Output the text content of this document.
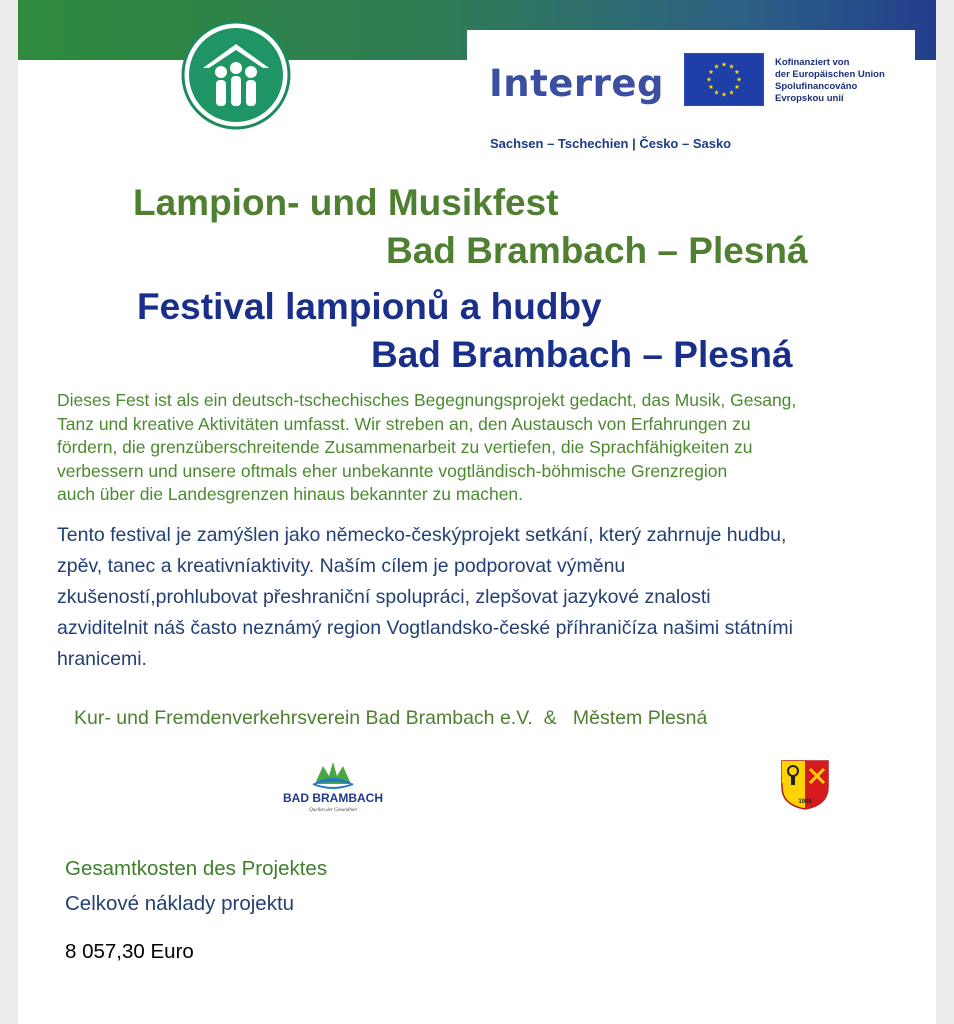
Interreg	Kofinanziert von
der Europäischen Union
Spolufinancováno
Evropskou unií
Sachsen – Tschechien | Česko – Sasko
Lampion- und Musikfest
Bad Brambach – Plesná
Festival lampionů a hudby
Bad Brambach – Plesná
Dieses Fest ist als ein deutsch-tschechisches Begegnungsprojekt gedacht, das Musik, Gesang,
Tanz und kreative Aktivitäten umfasst. Wir streben an, den Austausch von Erfahrungen zu
fördern, die grenzüberschreitende Zusammenarbeit zu vertiefen, die Sprachfähigkeiten zu
verbessern und unsere oftmals eher unbekannte vogtländisch-böhmische Grenzregion
auch über die Landesgrenzen hinaus bekannter zu machen.
Tento festival je zamýšlen jako německo-českýprojekt setkání, který zahrnuje hudbu,
zpěv, tanec a kreativníaktivity. Naším cílem je podporovat výměnu
zkušeností,prohlubovat přeshraniční spolupráci, zlepšovat jazykové znalosti
azviditelnit náš často neznámý region Vogtlandsko-české příhraničíza našimi státními
hranicemi.
Kur- und Fremdenverkehrsverein Bad Brambach e.V.  &   Městem Plesná
BAD BRAMBACH
Quellen der Gesundheit
1908
Gesamtkosten des Projektes
Celkové náklady projektu
8 057,30 Euro
